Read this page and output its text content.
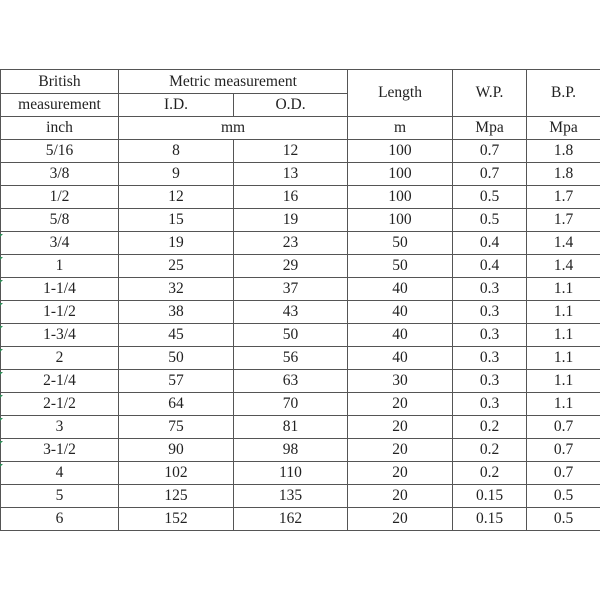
British	Metric measurement		Length	W.P.	B.P.
measurement	I.D.	O.D.			
inch	mm		m	Mpa	Mpa
5/16	8	12	100	0.7	1.8
3/8	9	13	100	0.7	1.8
1/2	12	16	100	0.5	1.7
5/8	15	19	100	0.5	1.7
3/4	19	23	50	0.4	1.4
1	25	29	50	0.4	1.4
1-1/4	32	37	40	0.3	1.1
1-1/2	38	43	40	0.3	1.1
1-3/4	45	50	40	0.3	1.1
2	50	56	40	0.3	1.1
2-1/4	57	63	30	0.3	1.1
2-1/2	64	70	20	0.3	1.1
3	75	81	20	0.2	0.7
3-1/2	90	98	20	0.2	0.7
4	102	110	20	0.2	0.7
5	125	135	20	0.15	0.5
6	152	162	20	0.15	0.5
